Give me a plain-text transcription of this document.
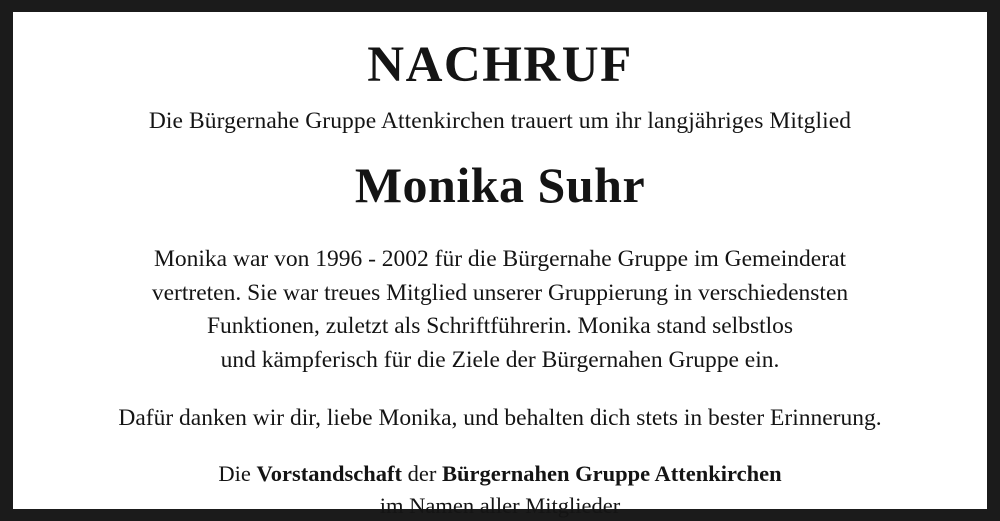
NACHRUF
Die Bürgernahe Gruppe Attenkirchen trauert um ihr langjähriges Mitglied
Monika Suhr

Monika war von 1996 - 2002 für die Bürgernahe Gruppe im Gemeinderat

vertreten. Sie war treues Mitglied unserer Gruppierung in verschiedensten

Funktionen, zuletzt als Schriftführerin. Monika stand selbstlos

und kämpferisch für die Ziele der Bürgernahen Gruppe ein.

Dafür danken wir dir, liebe Monika, und behalten dich stets in bester Erinnerung.
Die Vorstandschaft der Bürgernahen Gruppe Attenkirchen
im Namen aller Mitglieder
